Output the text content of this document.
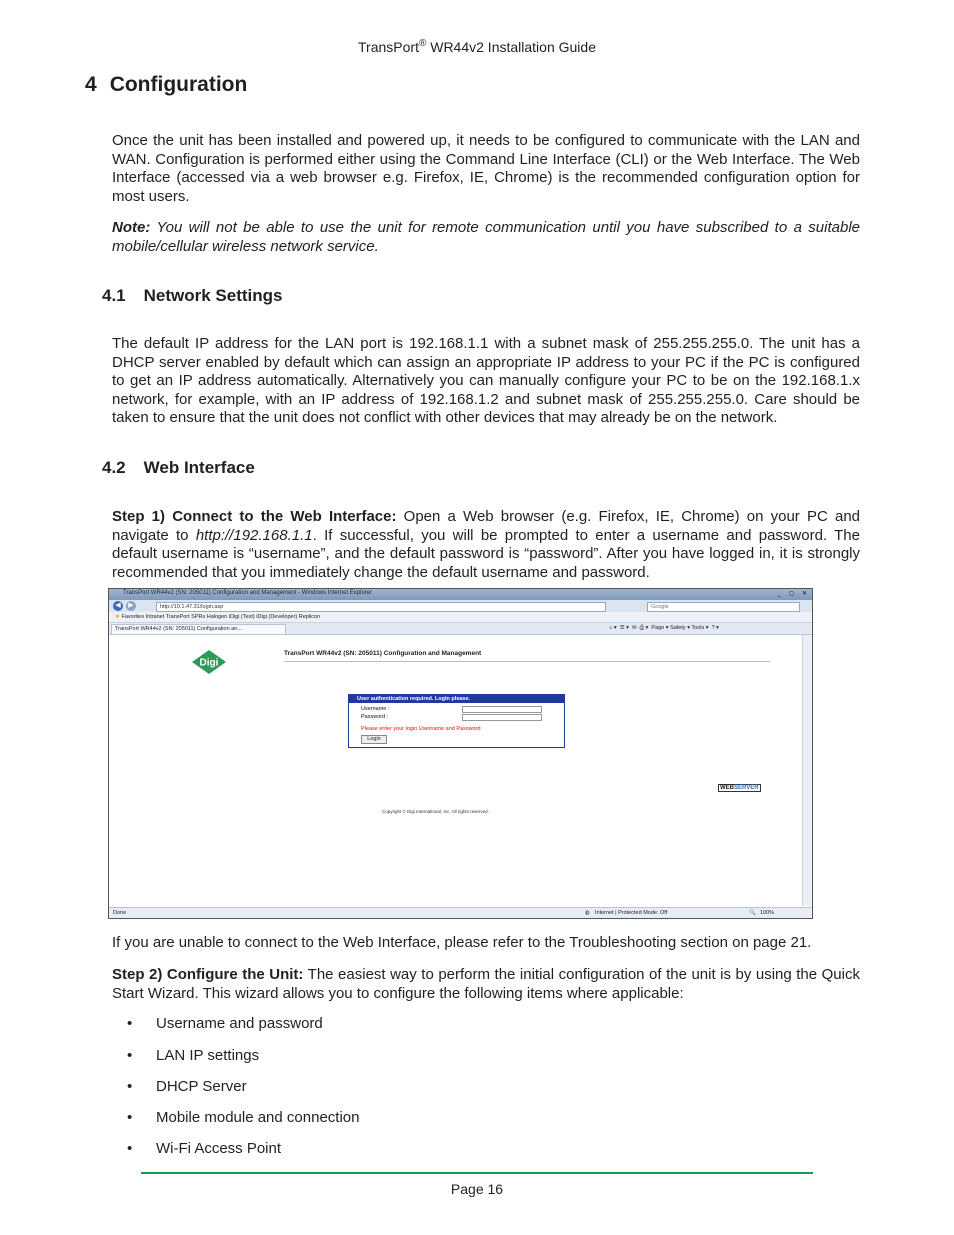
TransPort® WR44v2 Installation Guide
4 Configuration
Once the unit has been installed and powered up, it needs to be configured to communicate with the LAN and WAN. Configuration is performed either using the Command Line Interface (CLI) or the Web Interface. The Web Interface (accessed via a web browser e.g. Firefox, IE, Chrome) is the recommended configuration option for most users.
Note: You will not be able to use the unit for remote communication until you have subscribed to a suitable mobile/cellular wireless network service.
4.1 Network Settings
The default IP address for the LAN port is 192.168.1.1 with a subnet mask of 255.255.255.0. The unit has a DHCP server enabled by default which can assign an appropriate IP address to your PC if the PC is configured to get an IP address automatically. Alternatively you can manually configure your PC to be on the 192.168.1.x network, for example, with an IP address of 192.168.1.2 and subnet mask of 255.255.255.0. Care should be taken to ensure that the unit does not conflict with other devices that may already be on the network.
4.2 Web Interface
Step 1) Connect to the Web Interface: Open a Web browser (e.g. Firefox, IE, Chrome) on your PC and navigate to http://192.168.1.1. If successful, you will be prompted to enter a username and password. The default username is “username”, and the default password is “password”. After you have logged in, it is strongly recommended that you immediately change the default username and password.
TransPort WR44v2 (SN: 205011) Configuration and Management - Windows Internet Explorer	_ ▢ ✕
◀	▶	http://10.1.47.31/login.asp	Google
★ Favorites Intranet TransPort SPRs Halogen iDigi (Test) iDigi (Developer) Replicon
TransPort WR44v2 (SN: 205011) Configuration an...	⌂ ▾ ☰ ▾ ✉ ⎙ ▾ Page ▾ Safety ▾ Tools ▾ ? ▾
Digi
TransPort WR44v2 (SN: 205011) Configuration and Management
User authentication required. Login please.
Username :
Password :
Please enter your login Username and Password
Login
WEBSERVER
Copyright © Digi International, Inc. All rights reserved.
Done	◍ Internet | Protected Mode: Off	🔍 100%
If you are unable to connect to the Web Interface, please refer to the Troubleshooting section on page 21.
Step 2) Configure the Unit: The easiest way to perform the initial configuration of the unit is by using the Quick Start Wizard. This wizard allows you to configure the following items where applicable:
• Username and password
• LAN IP settings
• DHCP Server
• Mobile module and connection
• Wi-Fi Access Point
Page 16
